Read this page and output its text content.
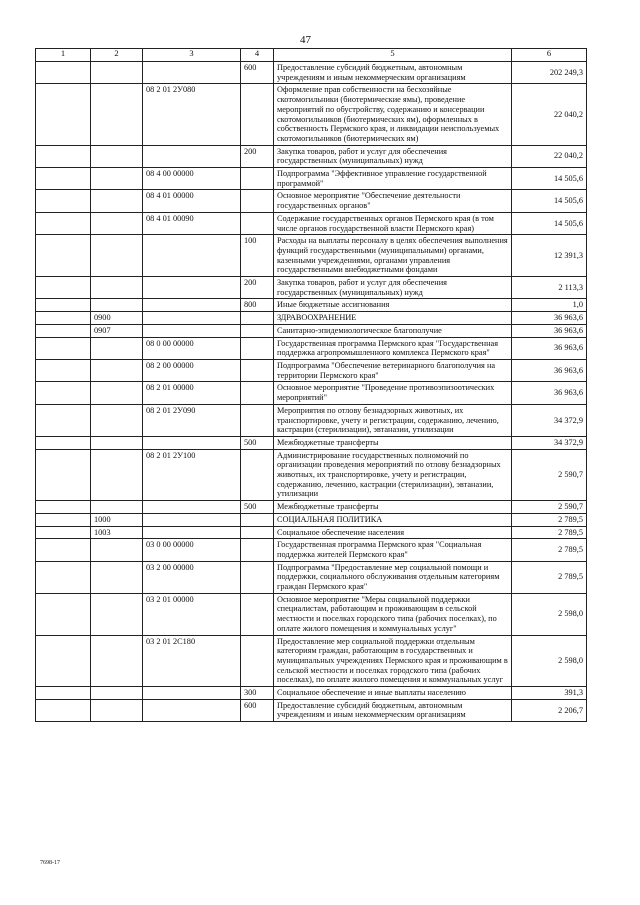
47
1	2	3	4	5	6
			600	Предоставление субсидий бюджетным, автономным учреждениям и иным некоммерческим организациям	202 249,3
		08 2 01 2У080		Оформление прав собственности на бесхозяйные скотомогильники (биотермические ямы), проведение мероприятий по обустройству, содержанию и консервации скотомогильников (биотермических ям), оформленных в собственность Пермского края, и ликвидации неиспользуемых скотомогильников (биотермических ям)	22 040,2
			200	Закупка товаров, работ и услуг для обеспечения государственных (муниципальных) нужд	22 040,2
		08 4 00 00000		Подпрограмма "Эффективное управление государственной программой"	14 505,6
		08 4 01 00000		Основное мероприятие "Обеспечение деятельности государственных органов"	14 505,6
		08 4 01 00090		Содержание государственных органов Пермского края (в том числе органов государственной власти Пермского края)	14 505,6
			100	Расходы на выплаты персоналу в целях обеспечения выполнения функций государственными (муниципальными) органами, казенными учреждениями, органами управления государственными внебюджетными фондами	12 391,3
			200	Закупка товаров, работ и услуг для обеспечения государственных (муниципальных) нужд	2 113,3
			800	Иные бюджетные ассигнования	1,0
	0900			ЗДРАВООХРАНЕНИЕ	36 963,6
	0907			Санитарно-эпидемиологическое благополучие	36 963,6
		08 0 00 00000		Государственная программа Пермского края "Государственная поддержка агропромышленного комплекса Пермского края"	36 963,6
		08 2 00 00000		Подпрограмма "Обеспечение ветеринарного благополучия на территории Пермского края"	36 963,6
		08 2 01 00000		Основное мероприятие "Проведение противоэпизоотических мероприятий"	36 963,6
		08 2 01 2У090		Мероприятия по отлову безнадзорных животных, их транспортировке, учету и регистрации, содержанию, лечению, кастрации (стерилизации), эвтаназии, утилизации	34 372,9
			500	Межбюджетные трансферты	34 372,9
		08 2 01 2У100		Администрирование государственных полномочий по организации проведения мероприятий по отлову безнадзорных животных, их транспортировке, учету и регистрации, содержанию, лечению, кастрации (стерилизации), эвтаназии, утилизации	2 590,7
			500	Межбюджетные трансферты	2 590,7
	1000			СОЦИАЛЬНАЯ ПОЛИТИКА	2 789,5
	1003			Социальное обеспечение населения	2 789,5
		03 0 00 00000		Государственная программа Пермского края "Социальная поддержка жителей Пермского края"	2 789,5
		03 2 00 00000		Подпрограмма "Предоставление мер социальной помощи и поддержки, социального обслуживания отдельным категориям граждан Пермского края"	2 789,5
		03 2 01 00000		Основное мероприятие "Меры социальной поддержки специалистам, работающим и проживающим в сельской местности и поселках городского типа (рабочих поселках), по оплате жилого помещения и коммунальных услуг"	2 598,0
		03 2 01 2С180		Предоставление мер социальной поддержки отдельным категориям граждан, работающим в государственных и муниципальных учреждениях Пермского края и проживающим в сельской местности и поселках городского типа (рабочих поселках), по оплате жилого помещения и коммунальных услуг	2 598,0
			300	Социальное обеспечение и иные выплаты населению	391,3
			600	Предоставление субсидий бюджетным, автономным учреждениям и иным некоммерческим организациям	2 206,7
7698-17
